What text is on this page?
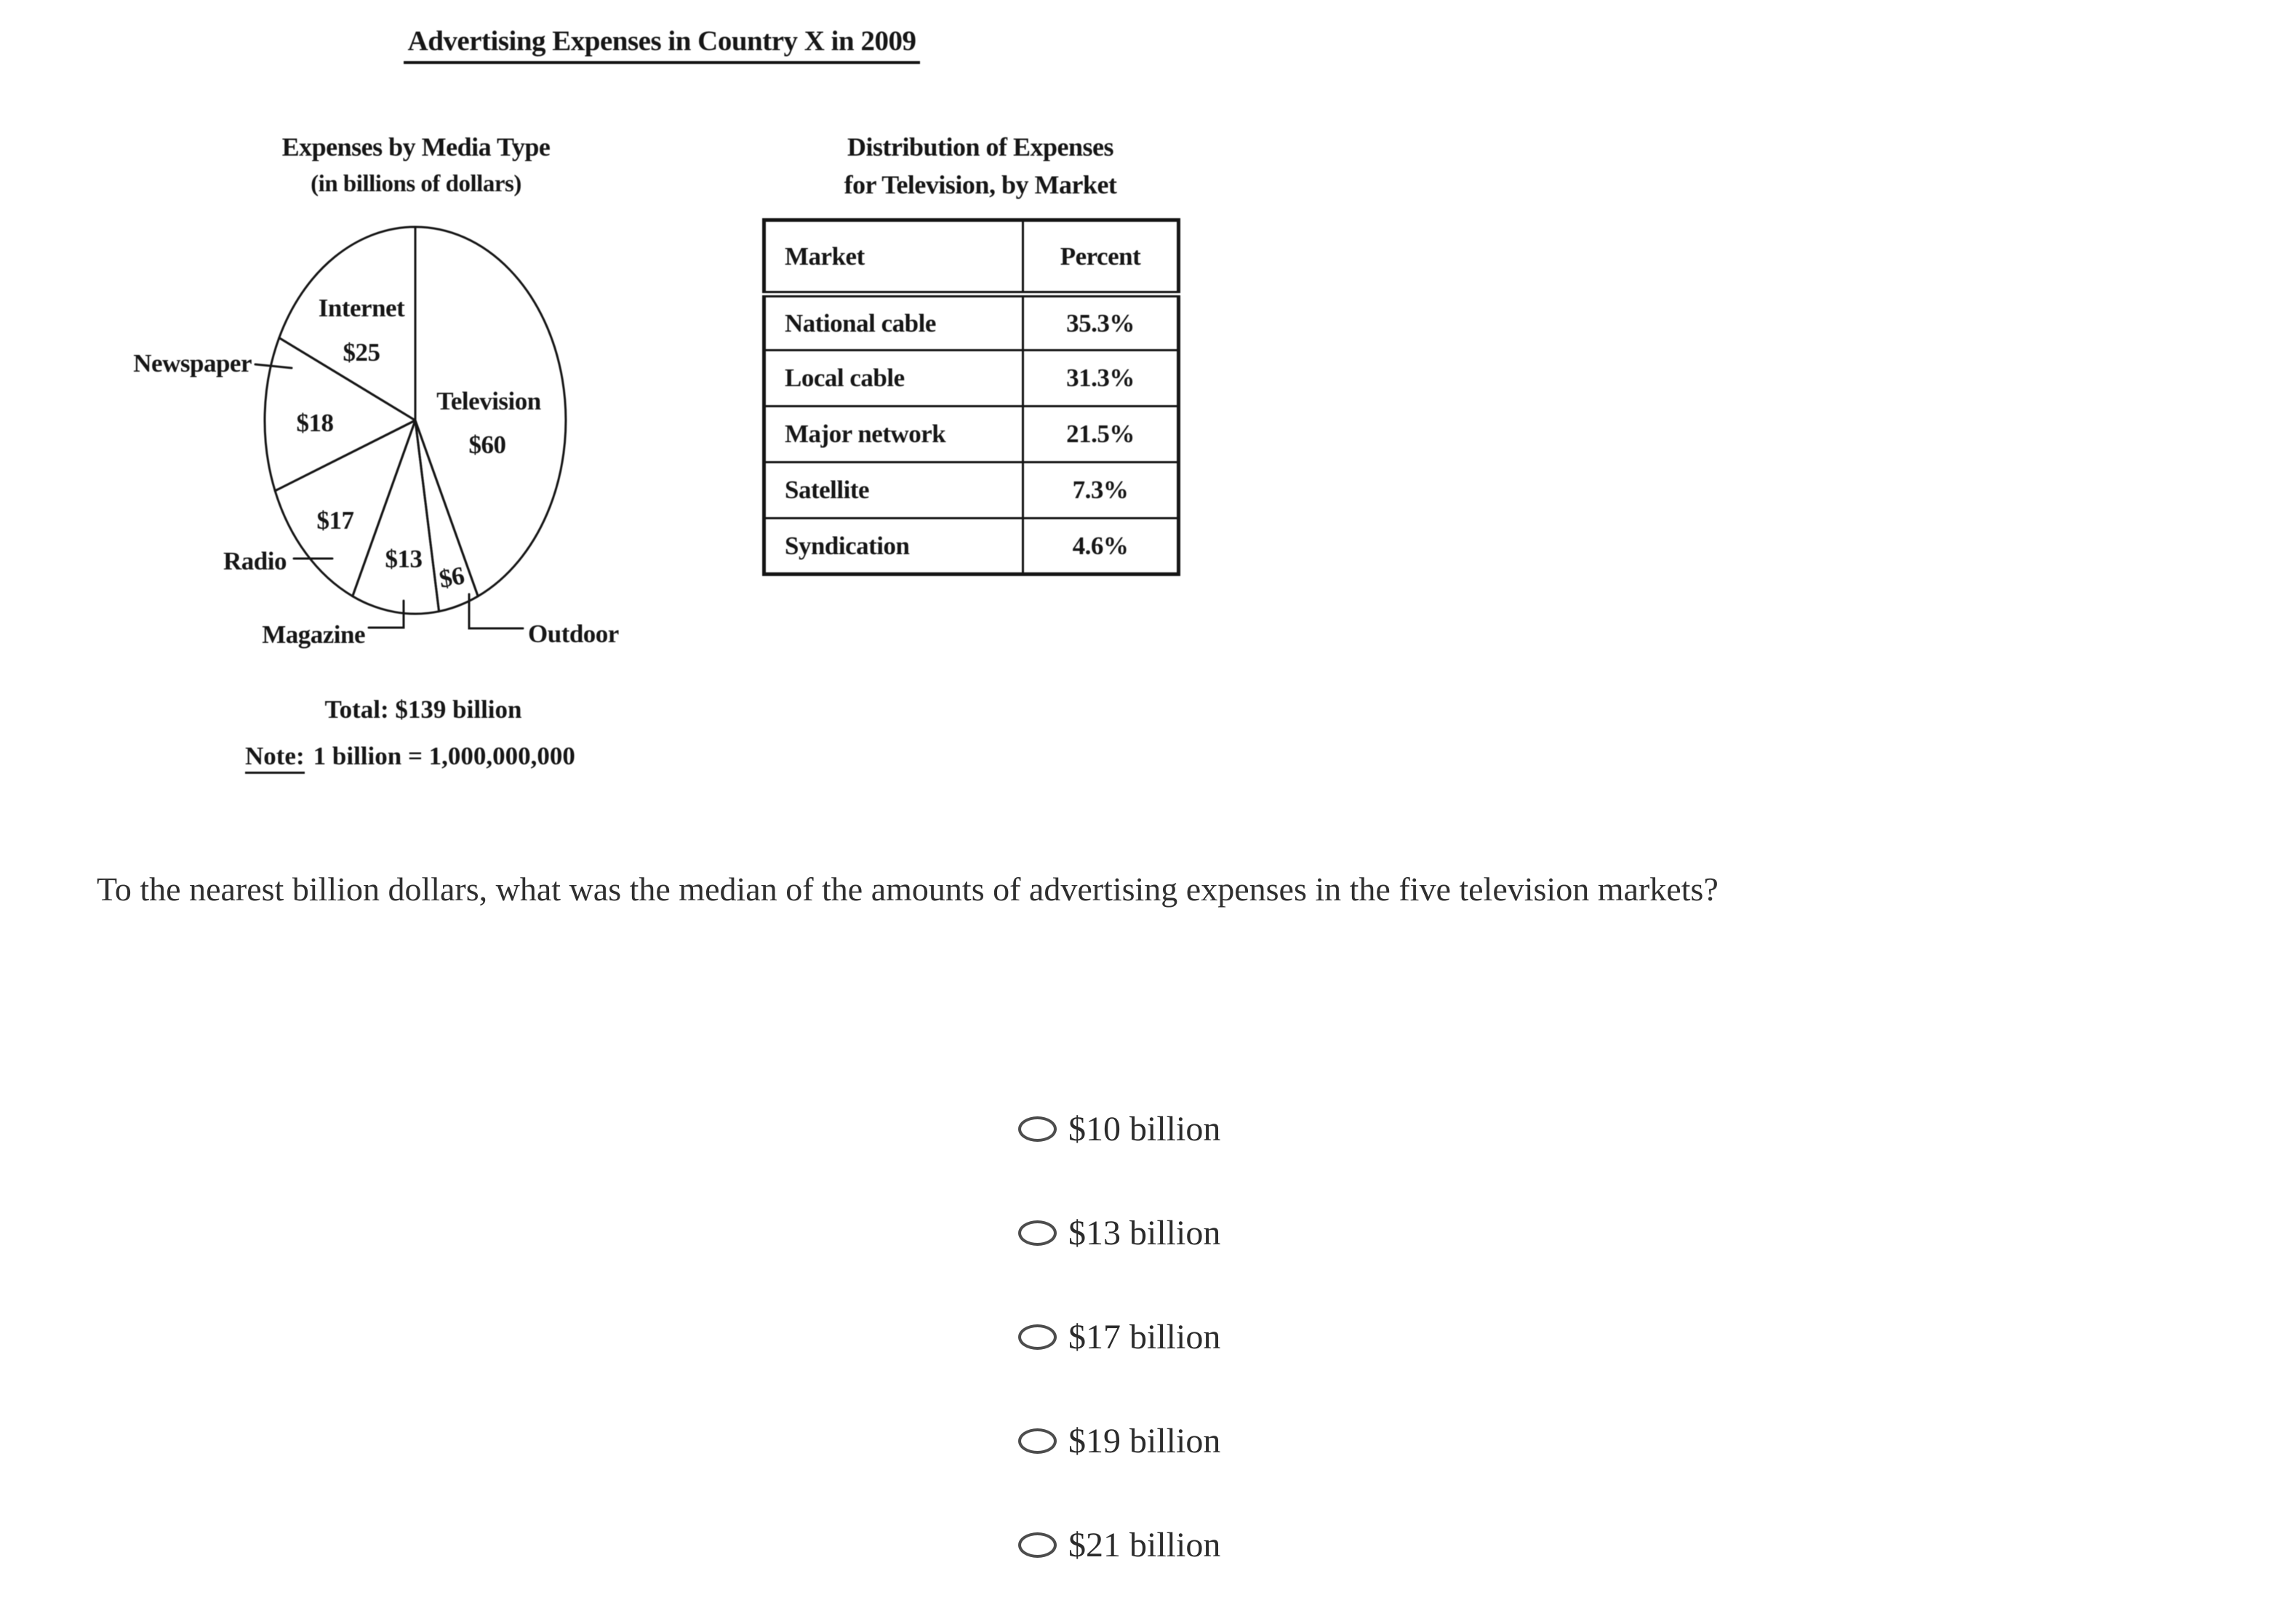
Advertising Expenses in Country X in 2009
Expenses by Media Type
(in billions of dollars)
Distribution of Expenses
for Television, by Market
Television
$60
Outdoor
$6
Magazine
$13
Radio
$17
Newspaper
$18
Internet
$25
Total: $139 billion
Note: 1 billion = 1,000,000,000
Market	Percent
National cable	35.3%
Local cable	31.3%
Major network	21.5%
Satellite	7.3%
Syndication	4.6%
To the nearest billion dollars, what was the median of the amounts of advertising expenses in the five television markets?
$10 billion
$13 billion
$17 billion
$19 billion
$21 billion
